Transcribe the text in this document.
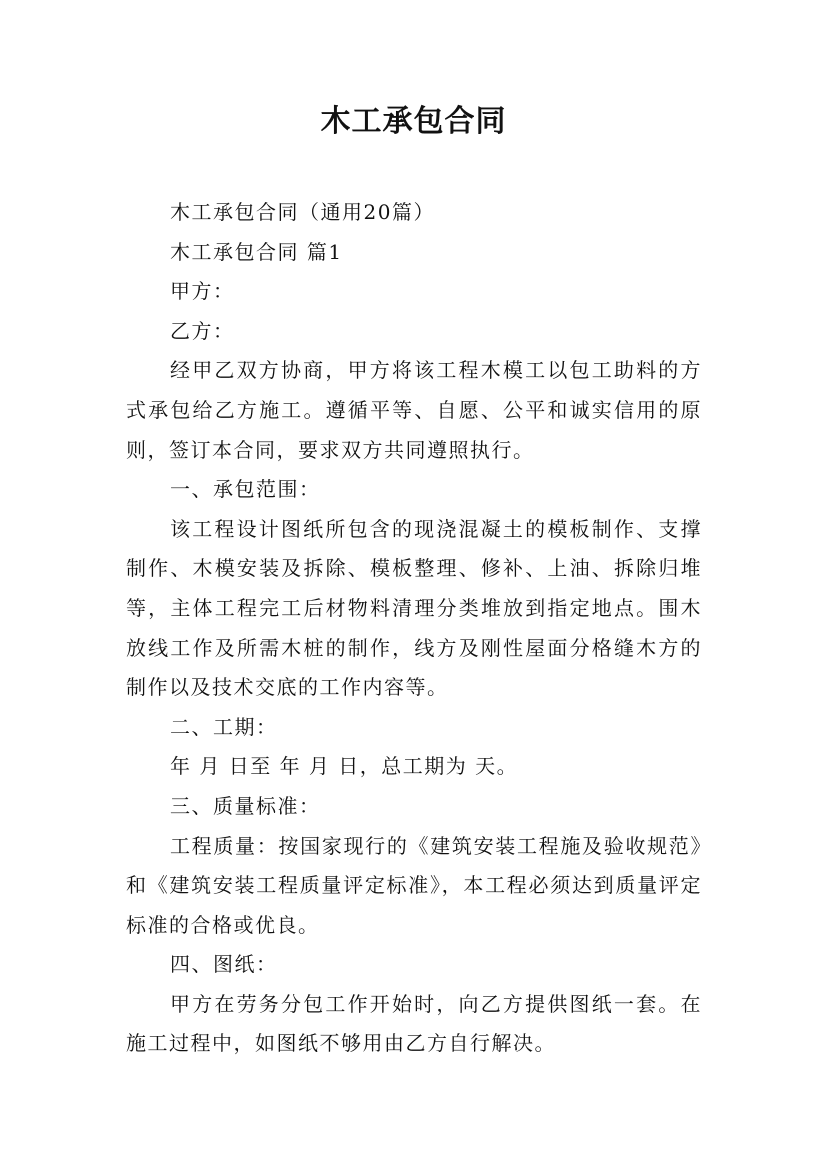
木工承包合同

木工承包合同（通用20篇）

木工承包合同 篇1

甲方：

乙方：

经甲乙双方协商，甲方将该工程木模工以包工助料的方式承包给乙方施工。遵循平等、自愿、公平和诚实信用的原则，签订本合同，要求双方共同遵照执行。

一、承包范围：

该工程设计图纸所包含的现浇混凝土的模板制作、支撑制作、木模安装及拆除、模板整理、修补、上油、拆除归堆等，主体工程完工后材物料清理分类堆放到指定地点。围木放线工作及所需木桩的制作，线方及刚性屋面分格缝木方的制作以及技术交底的工作内容等。

二、工期：

年 月 日至 年 月 日，总工期为 天。

三、质量标准：

工程质量：按国家现行的《建筑安装工程施及验收规范》和《建筑安装工程质量评定标准》，本工程必须达到质量评定标准的合格或优良。

四、图纸：

甲方在劳务分包工作开始时，向乙方提供图纸一套。在施工过程中，如图纸不够用由乙方自行解决。
